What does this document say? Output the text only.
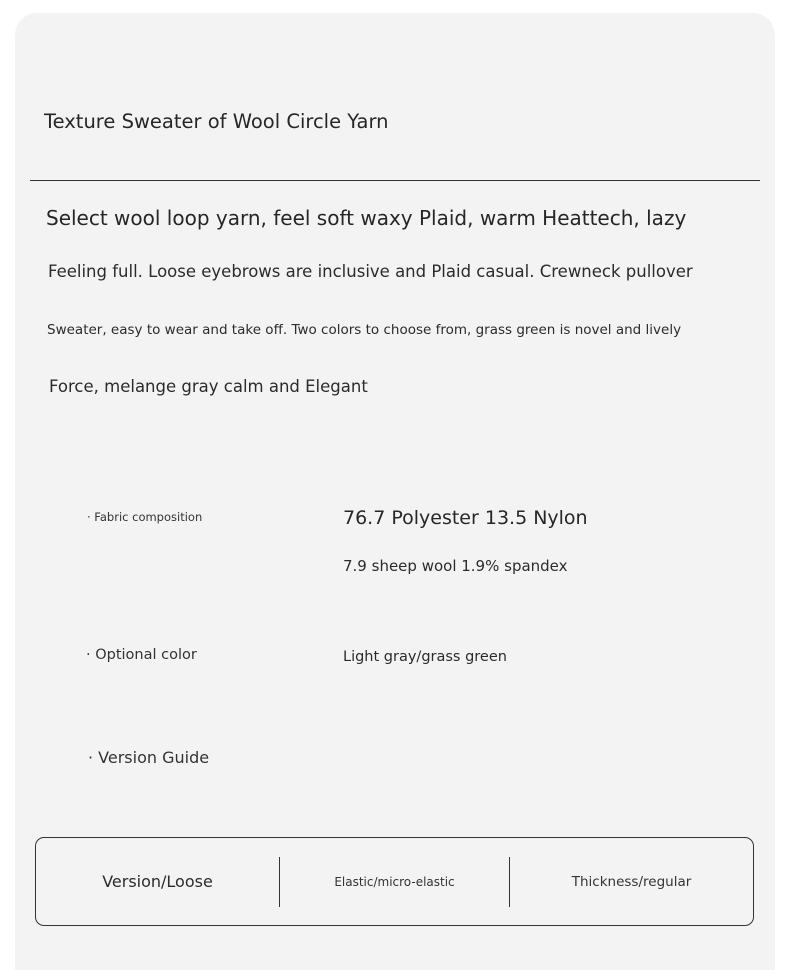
Texture Sweater of Wool Circle Yarn
Select wool loop yarn, feel soft waxy Plaid, warm Heattech, lazy
Feeling full. Loose eyebrows are inclusive and Plaid casual. Crewneck pullover
Sweater, easy to wear and take off. Two colors to choose from, grass green is novel and lively
Force, melange gray calm and Elegant
· Fabric composition	76.7 Polyester 13.5 Nylon
7.9 sheep wool 1.9% spandex
· Optional color	Light gray/grass green
· Version Guide
Version/Loose	Elastic/micro-elastic	Thickness/regular
